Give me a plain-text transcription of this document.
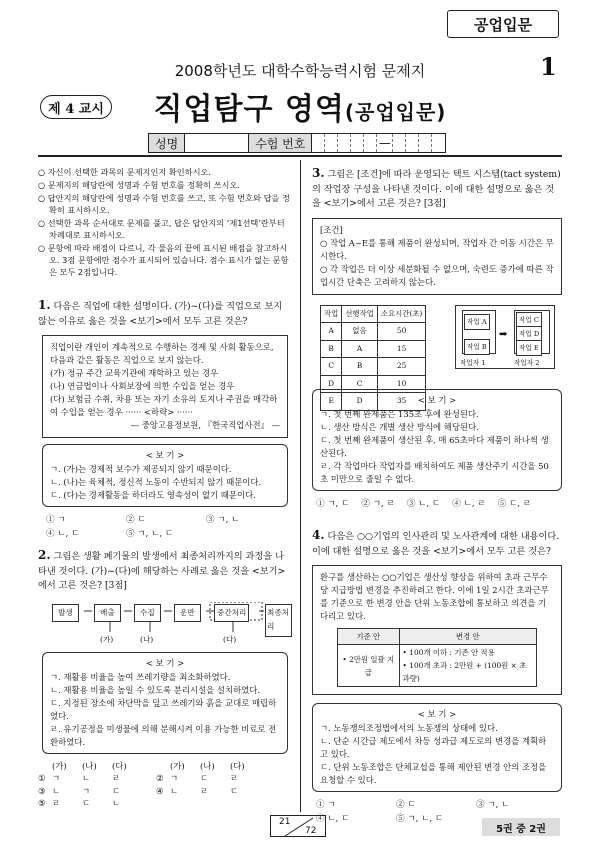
공업입문
2008학년도 대학수학능력시험 문제지	1
제 4 교시	직업탐구 영역(공업입문)
성명	수험 번호	—
○ 자신이 선택한 과목의 문제지인지 확인하시오.
○ 문제지의 해당란에 성명과 수험 번호를 정확히 쓰시오.
○ 답안지의 해당란에 성명과 수험 번호를 쓰고, 또 수험 번호와 답을 정확히 표시하시오.
○ 선택한 과목 순서대로 문제를 풀고, 답은 답안지의 ‘제1선택’란부터 차례대로 표시하시오.
○ 문항에 따라 배점이 다르니, 각 물음의 끝에 표시된 배점을 참고하시오. 3점 문항에만 점수가 표시되어 있습니다. 점수 표시가 없는 문항은 모두 2점입니다.

1. 다음은 직업에 대한 설명이다. (가)~(다)를 직업으로 보지 않는 이유로 옳은 것을 <보기>에서 모두 고른 것은?

직업이란 개인이 계속적으로 수행하는 경제 및 사회 활동으로, 다음과 같은 활동은 직업으로 보지 않는다.

(가) 정규 주간 교육기관에 재학하고 있는 경우

(나) 연금법이나 사회보장에 의한 수입을 얻는 경우

(다) 보험금 수취, 차용 또는 자기 소유의 토지나 주권을 매각하여 수입을 얻는 경우 ······ <하략> ······

— 중앙고용정보원, 『한국직업사전』 —

< 보 기 >

ㄱ. (가)는 경제적 보수가 제공되지 않기 때문이다.

ㄴ. (나)는 육체적, 정신적 노동이 수반되지 않기 때문이다.

ㄷ. (다)는 경제활동을 하더라도 영속성이 없기 때문이다.

① ㄱ	② ㄷ	③ ㄱ, ㄴ
④ ㄴ, ㄷ	⑤ ㄱ, ㄴ, ㄷ

2. 그림은 생활 폐기물의 발생에서 최종처리까지의 과정을 나타낸 것이다. (가)~(다)에 해당하는 사례로 옳은 것을 <보기>에서 고른 것은? [3점]

발생	배출	수집	운반	중간처리	최종처리
(가)	(나)	(다)
< 보 기 >

ㄱ. 재활용 비율을 높여 쓰레기량을 최소화하였다.

ㄴ. 재활용 비율을 높일 수 있도록 분리시설을 설치하였다.

ㄷ. 지정된 장소에 차단막을 덮고 쓰레기와 흙을 교대로 매립하였다.

ㄹ. 유기공정을 미생물에 의해 분해시켜 이용 가능한 비료로 전환하였다.

(가)	(나)	(다)	(가)	(나)	(다)
① ㄱ	ㄴ	ㄹ	② ㄱ	ㄷ	ㄹ
③ ㄴ	ㄱ	ㄷ	④ ㄴ	ㄹ	ㄷ
⑤ ㄹ	ㄷ	ㄴ

3. 그림은 [조건]에 따라 운영되는 택트 시스템(tact system)의 작업장 구성을 나타낸 것이다. 이에 대한 설명으로 옳은 것을 <보기>에서 고른 것은? [3점]

[조건]

○ 작업 A~E를 통해 제품이 완성되며, 작업자 간 이동 시간은 무시한다.

○ 각 작업은 더 이상 세분화될 수 없으며, 숙련도 증가에 따른 작업시간 단축은 고려하지 않는다.

작업	선행작업	소요시간(초)
A	없음	50
B	A	15
C	B	25
D	C	10
E	D	35
작업 A
작업 B
➡
작업 C
작업 D
작업 E
작업자 1	작업자 2
< 보 기 >

ㄱ. 첫 번째 완제품은 135초 후에 완성된다.

ㄴ. 생산 방식은 개별 생산 방식에 해당된다.

ㄷ. 첫 번째 완제품이 생산된 후, 매 65초마다 제품이 하나씩 생산된다.

ㄹ. 각 작업마다 작업자를 배치하여도 제품 생산주기 시간을 50초 미만으로 줄일 수 없다.

① ㄱ, ㄷ ② ㄱ, ㄹ ③ ㄴ, ㄷ ④ ㄴ, ㄹ ⑤ ㄷ, ㄹ

4. 다음은 ○○기업의 인사관리 및 노사관계에 대한 내용이다. 이에 대한 설명으로 옳은 것을 <보기>에서 모두 고른 것은?

환구를 생산하는 ○○기업은 생산성 향상을 위하여 초과 근무수당 지급방법 변경을 추진하려고 한다. 이에 1일 2시간 초과근무를 기준으로 한 변경 안을 단위 노동조합에 통보하고 의견을 기다리고 있다.

기준 안	변경 안
• 2만원 일괄 지급	• 100개 이하 : 기존 안 적용
• 100개 초과 : 2만원 + (100원 × 초과량)
< 보 기 >

ㄱ. 노동쟁의조정법에서의 노동쟁의 상태에 있다.

ㄴ. 단순 시간급 제도에서 차등 성과급 제도로의 변경을 계획하고 있다.

ㄷ. 단위 노동조합은 단체교섭을 통해 제안된 변경 안의 조정을 요청할 수 있다.

① ㄱ	② ㄷ	③ ㄱ, ㄴ
④ ㄴ, ㄷ	⑤ ㄱ, ㄴ, ㄷ
21
72	5권 중 2권
